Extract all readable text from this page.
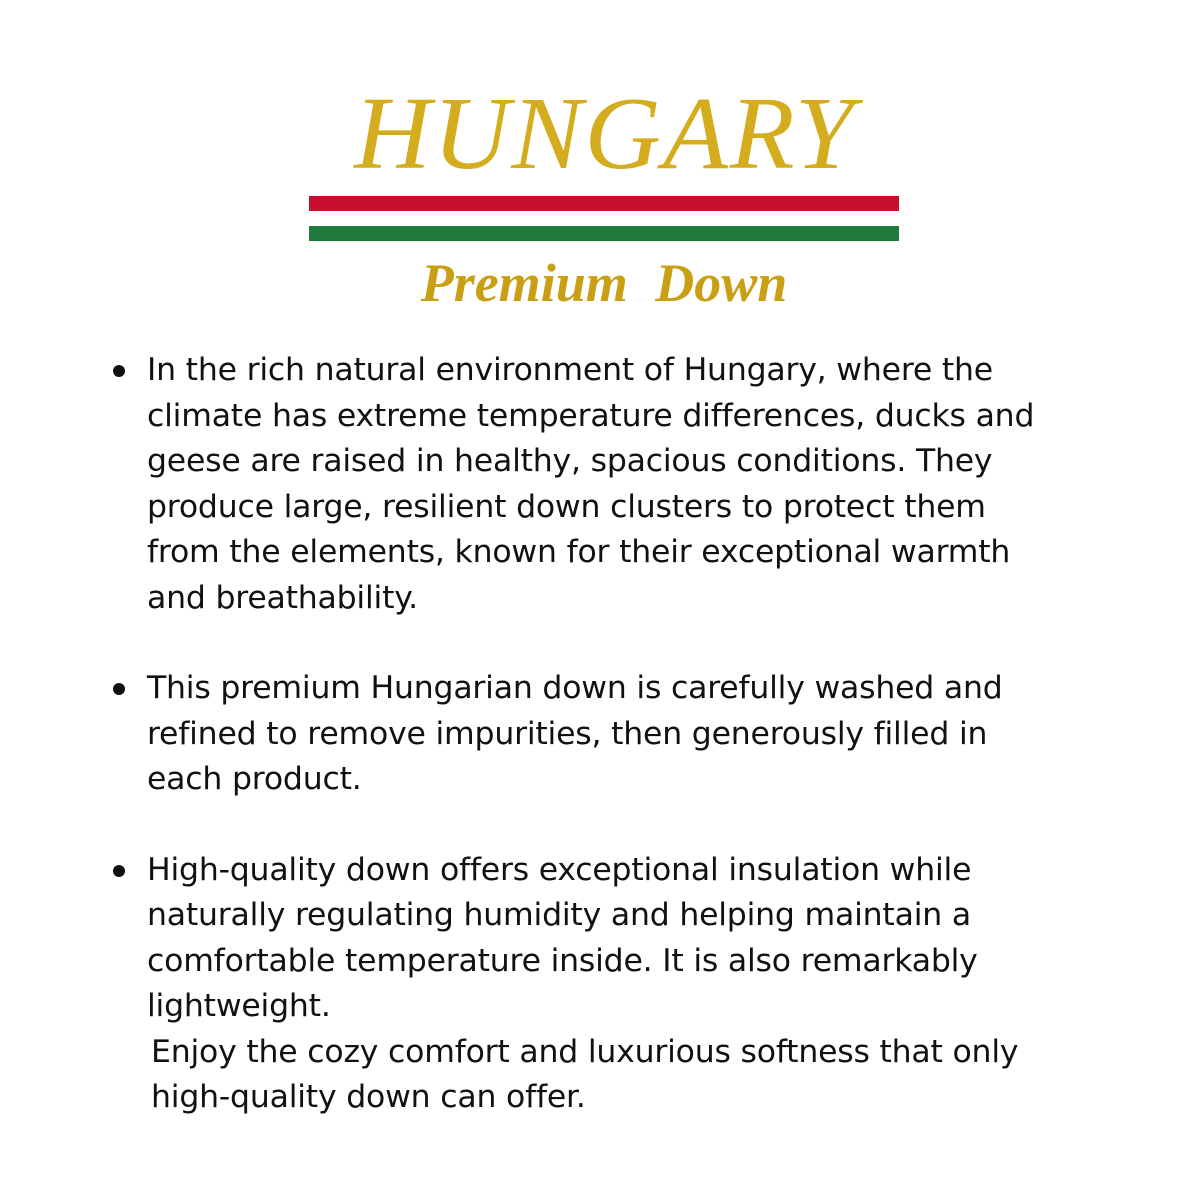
HUNGARY
Premium Down
In the rich natural environment of Hungary, where the
climate has extreme temperature differences, ducks and
geese are raised in healthy, spacious conditions. They
produce large, resilient down clusters to protect them
from the elements, known for their exceptional warmth
and breathability.
This premium Hungarian down is carefully washed and
refined to remove impurities, then generously filled in
each product.
High-quality down offers exceptional insulation while
naturally regulating humidity and helping maintain a
comfortable temperature inside. It is also remarkably
lightweight.
Enjoy the cozy comfort and luxurious softness that only
high-quality down can offer.
